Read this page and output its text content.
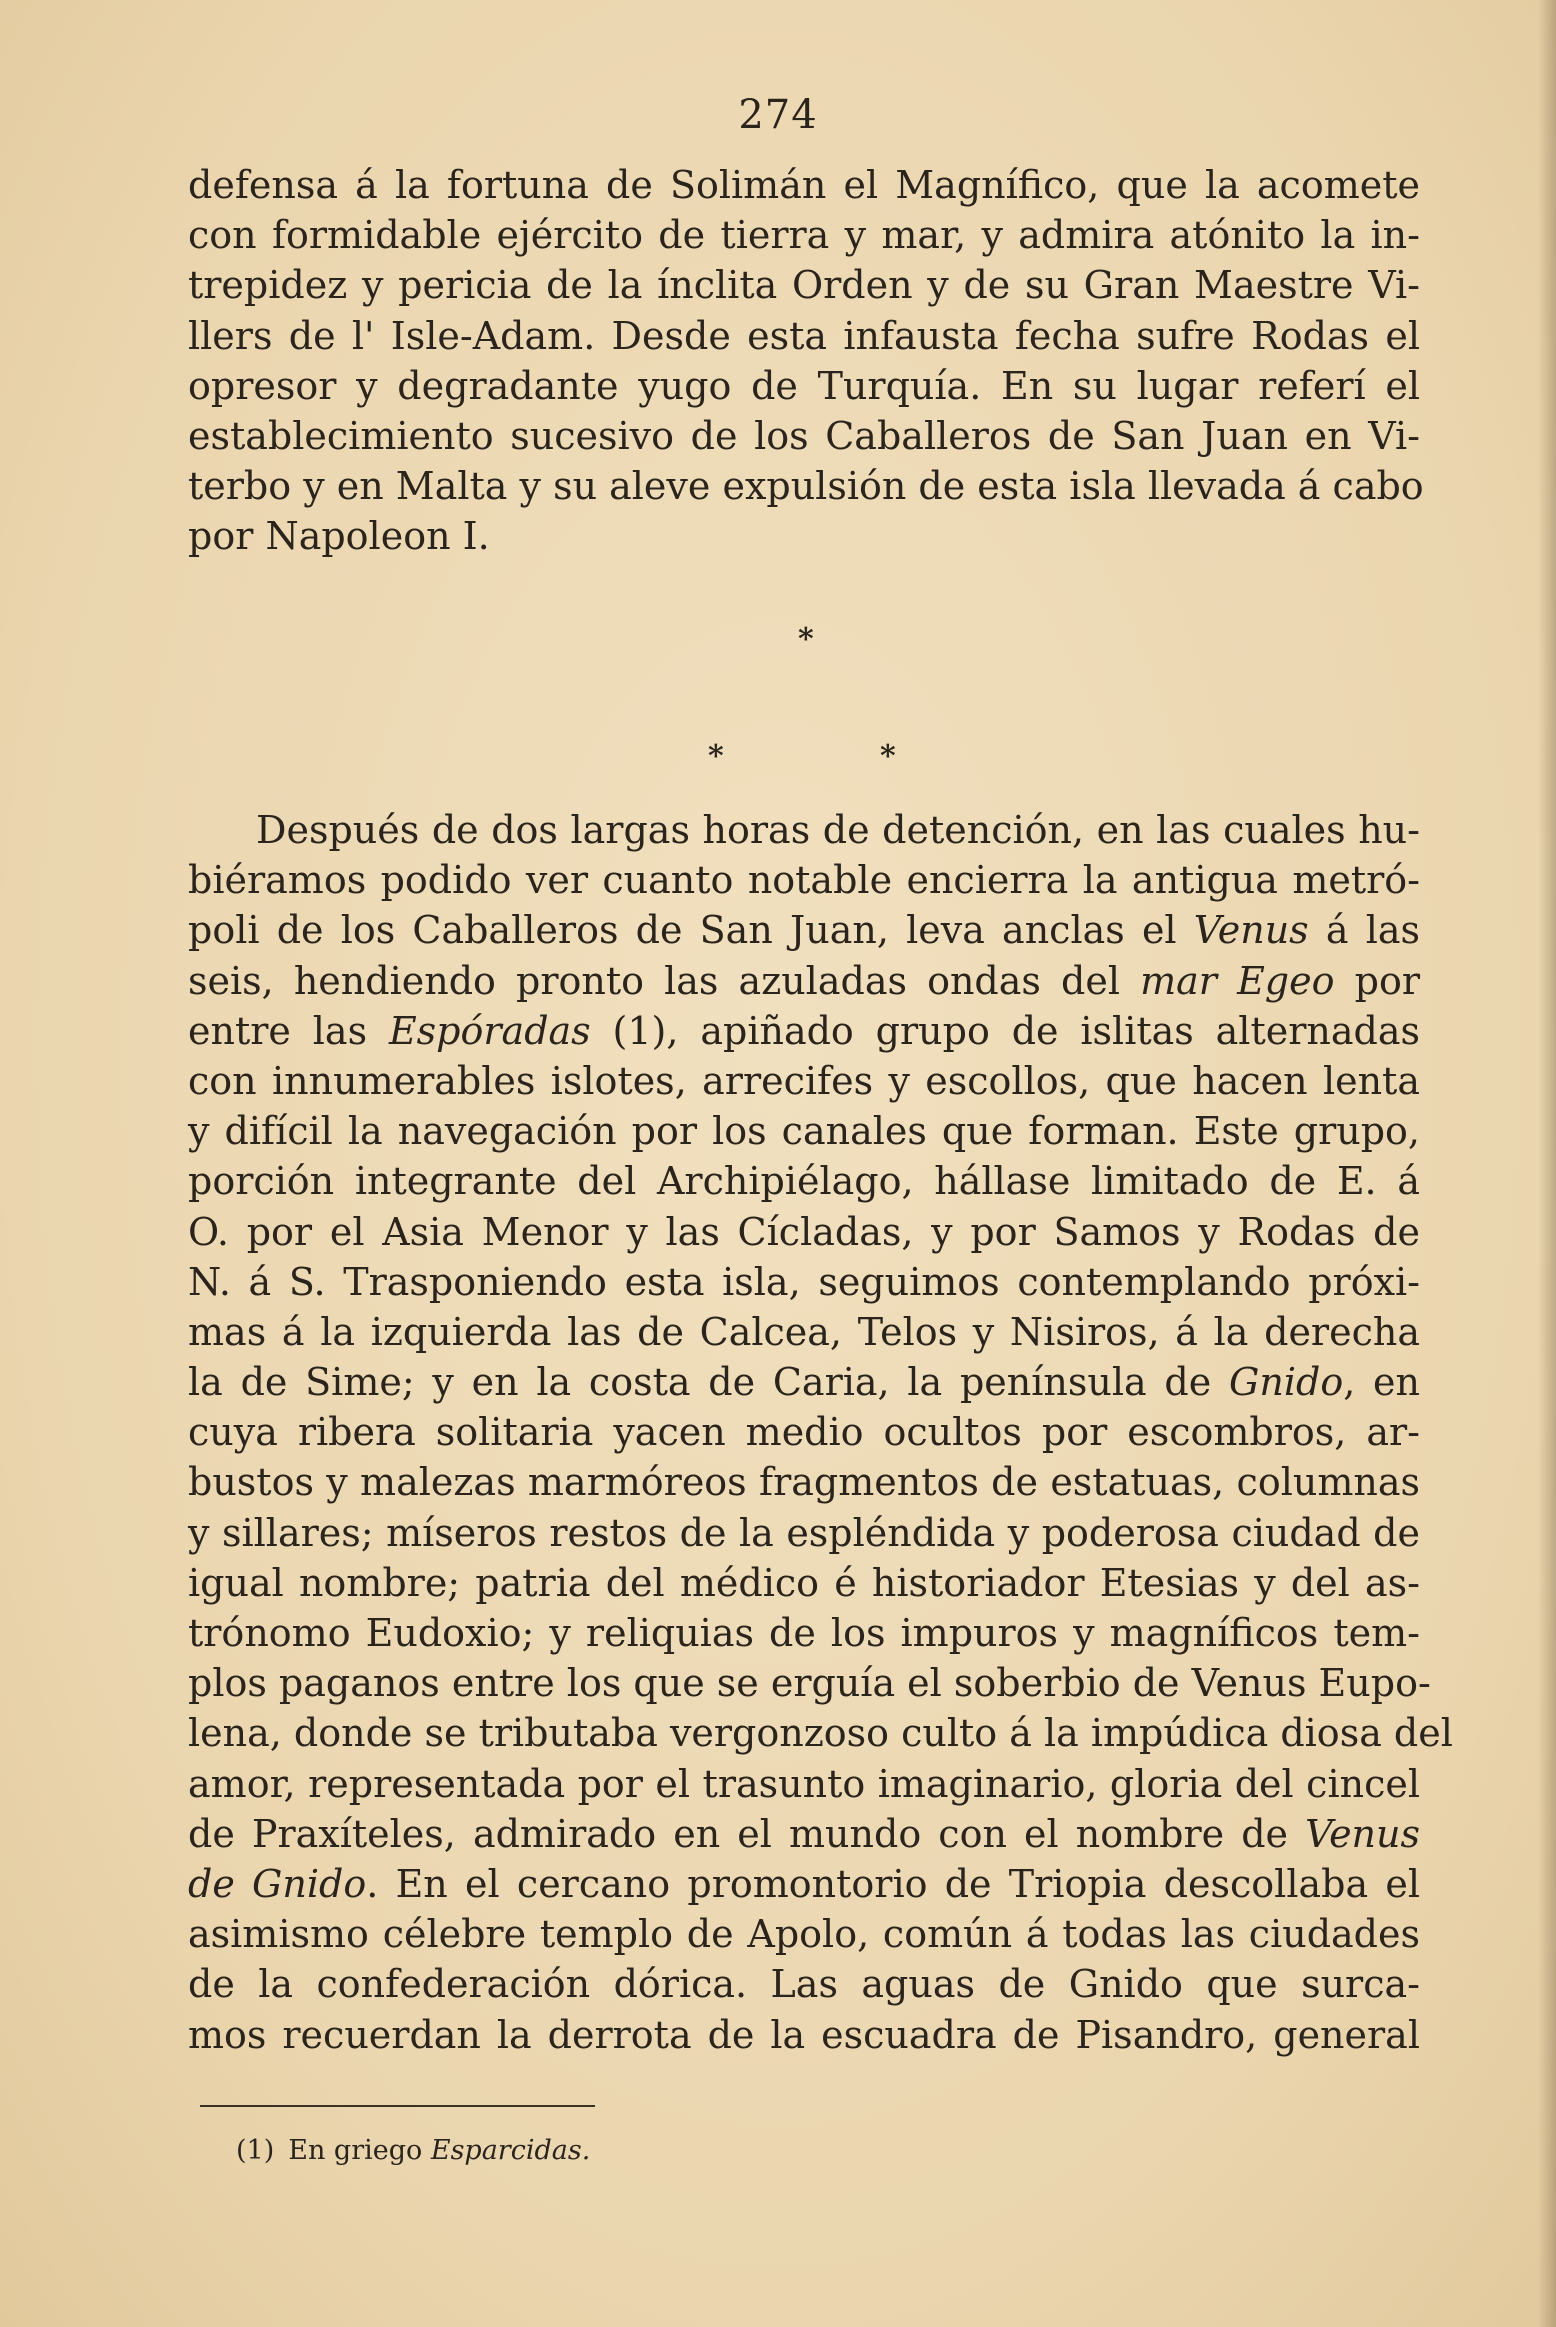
274
defensa á la fortuna de Solimán el Magnífico, que la acomete
con formidable ejército de tierra y mar, y admira atónito la in-
trepidez y pericia de la ínclita Orden y de su Gran Maestre Vi-
llers de l' Isle-Adam. Desde esta infausta fecha sufre Rodas el
opresor y degradante yugo de Turquía. En su lugar referí el
establecimiento sucesivo de los Caballeros de San Juan en Vi-
terbo y en Malta y su aleve expulsión de esta isla llevada á cabo
por Napoleon I.
*
*	*
Después de dos largas horas de detención, en las cuales hu-
biéramos podido ver cuanto notable encierra la antigua metró-
poli de los Caballeros de San Juan, leva anclas el Venus á las
seis, hendiendo pronto las azuladas ondas del mar Egeo por
entre las Espóradas (1), apiñado grupo de islitas alternadas
con innumerables islotes, arrecifes y escollos, que hacen lenta
y difícil la navegación por los canales que forman. Este grupo,
porción integrante del Archipiélago, hállase limitado de E. á
O. por el Asia Menor y las Cícladas, y por Samos y Rodas de
N. á S. Trasponiendo esta isla, seguimos contemplando próxi-
mas á la izquierda las de Calcea, Telos y Nisiros, á la derecha
la de Sime; y en la costa de Caria, la península de Gnido, en
cuya ribera solitaria yacen medio ocultos por escombros, ar-
bustos y malezas marmóreos fragmentos de estatuas, columnas
y sillares; míseros restos de la espléndida y poderosa ciudad de
igual nombre; patria del médico é historiador Etesias y del as-
trónomo Eudoxio; y reliquias de los impuros y magníficos tem-
plos paganos entre los que se erguía el soberbio de Venus Eupo-
lena, donde se tributaba vergonzoso culto á la impúdica diosa del
amor, representada por el trasunto imaginario, gloria del cincel
de Praxíteles, admirado en el mundo con el nombre de Venus
de Gnido. En el cercano promontorio de Triopia descollaba el
asimismo célebre templo de Apolo, común á todas las ciudades
de la confederación dórica. Las aguas de Gnido que surca-
mos recuerdan la derrota de la escuadra de Pisandro, general
(1) En griego Esparcidas.
